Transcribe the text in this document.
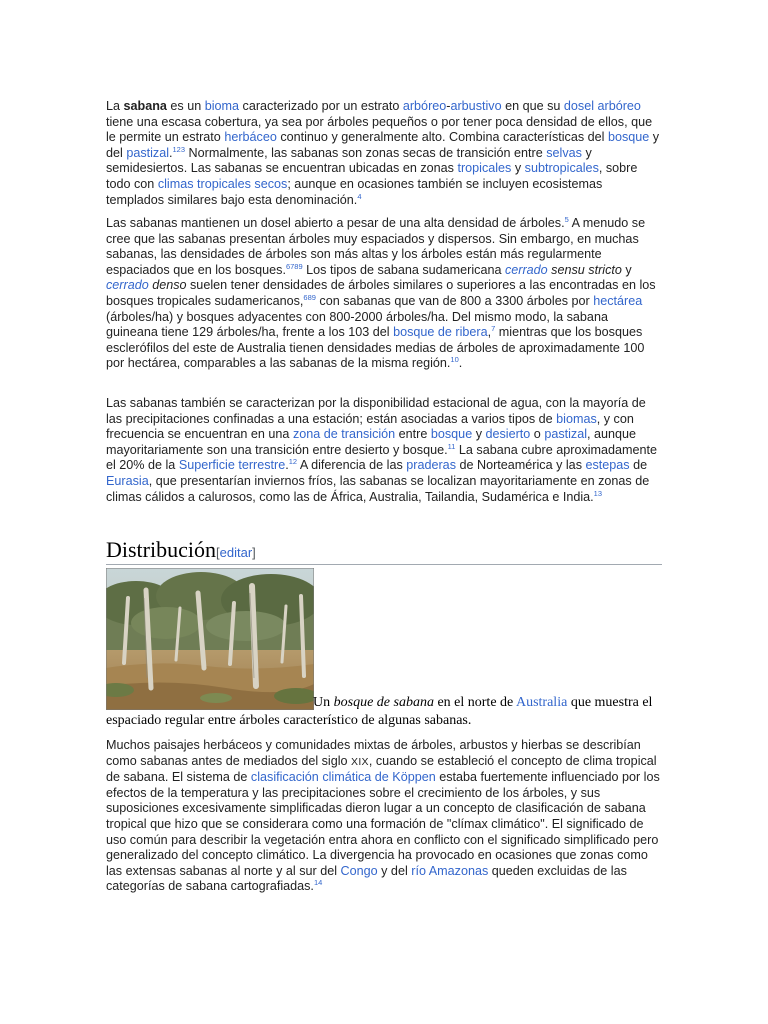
La sabana es un bioma caracterizado por un estrato arbóreo-arbustivo en que su dosel arbóreo tiene una escasa cobertura, ya sea por árboles pequeños o por tener poca densidad de ellos, que le permite un estrato herbáceo continuo y generalmente alto. Combina características del bosque y del pastizal.$^{123}$ Normalmente, las sabanas son zonas secas de transición entre selvas y semidesiertos. Las sabanas se encuentran ubicadas en zonas tropicales y subtropicales, sobre todo con climas tropicales secos; aunque en ocasiones también se incluyen ecosistemas templados similares bajo esta denominación.$^4$

Las sabanas mantienen un dosel abierto a pesar de una alta densidad de árboles.$^5$ A menudo se cree que las sabanas presentan árboles muy espaciados y dispersos. Sin embargo, en muchas sabanas, las densidades de árboles son más altas y los árboles están más regularmente espaciados que en los bosques.$^{6789}$ Los tipos de sabana sudamericana cerrado sensu stricto y cerrado denso suelen tener densidades de árboles similares o superiores a las encontradas en los bosques tropicales sudamericanos,$^{689}$ con sabanas que van de 800 a 3300 árboles por hectárea (árboles/ha) y bosques adyacentes con 800-2000 árboles/ha. Del mismo modo, la sabana guineana tiene 129 árboles/ha, frente a los 103 del bosque de ribera,$^7$ mientras que los bosques esclerófilos del este de Australia tienen densidades medias de árboles de aproximadamente 100 por hectárea, comparables a las sabanas de la misma región.$^{10}$.

Las sabanas también se caracterizan por la disponibilidad estacional de agua, con la mayoría de las precipitaciones confinadas a una estación; están asociadas a varios tipos de biomas, y con frecuencia se encuentran en una zona de transición entre bosque y desierto o pastizal, aunque mayoritariamente son una transición entre desierto y bosque.$^{11}$ La sabana cubre aproximadamente el 20% de la Superficie terrestre.$^{12}$ A diferencia de las praderas de Norteamérica y las estepas de Eurasia, que presentarían inviernos fríos, las sabanas se localizan mayoritariamente en zonas de climas cálidos a calurosos, como las de África, Australia, Tailandia, Sudamérica e India.$^{13}$

Distribución[editar]

Un bosque de sabana en el norte de Australia que muestra el espaciado regular entre árboles característico de algunas sabanas.

Muchos paisajes herbáceos y comunidades mixtas de árboles, arbustos y hierbas se describían como sabanas antes de mediados del siglo XIX, cuando se estableció el concepto de clima tropical de sabana. El sistema de clasificación climática de Köppen estaba fuertemente influenciado por los efectos de la temperatura y las precipitaciones sobre el crecimiento de los árboles, y sus suposiciones excesivamente simplificadas dieron lugar a un concepto de clasificación de sabana tropical que hizo que se considerara como una formación de "clímax climático". El significado de uso común para describir la vegetación entra ahora en conflicto con el significado simplificado pero generalizado del concepto climático. La divergencia ha provocado en ocasiones que zonas como las extensas sabanas al norte y al sur del Congo y del río Amazonas queden excluidas de las categorías de sabana cartografiadas.$^{14}$
